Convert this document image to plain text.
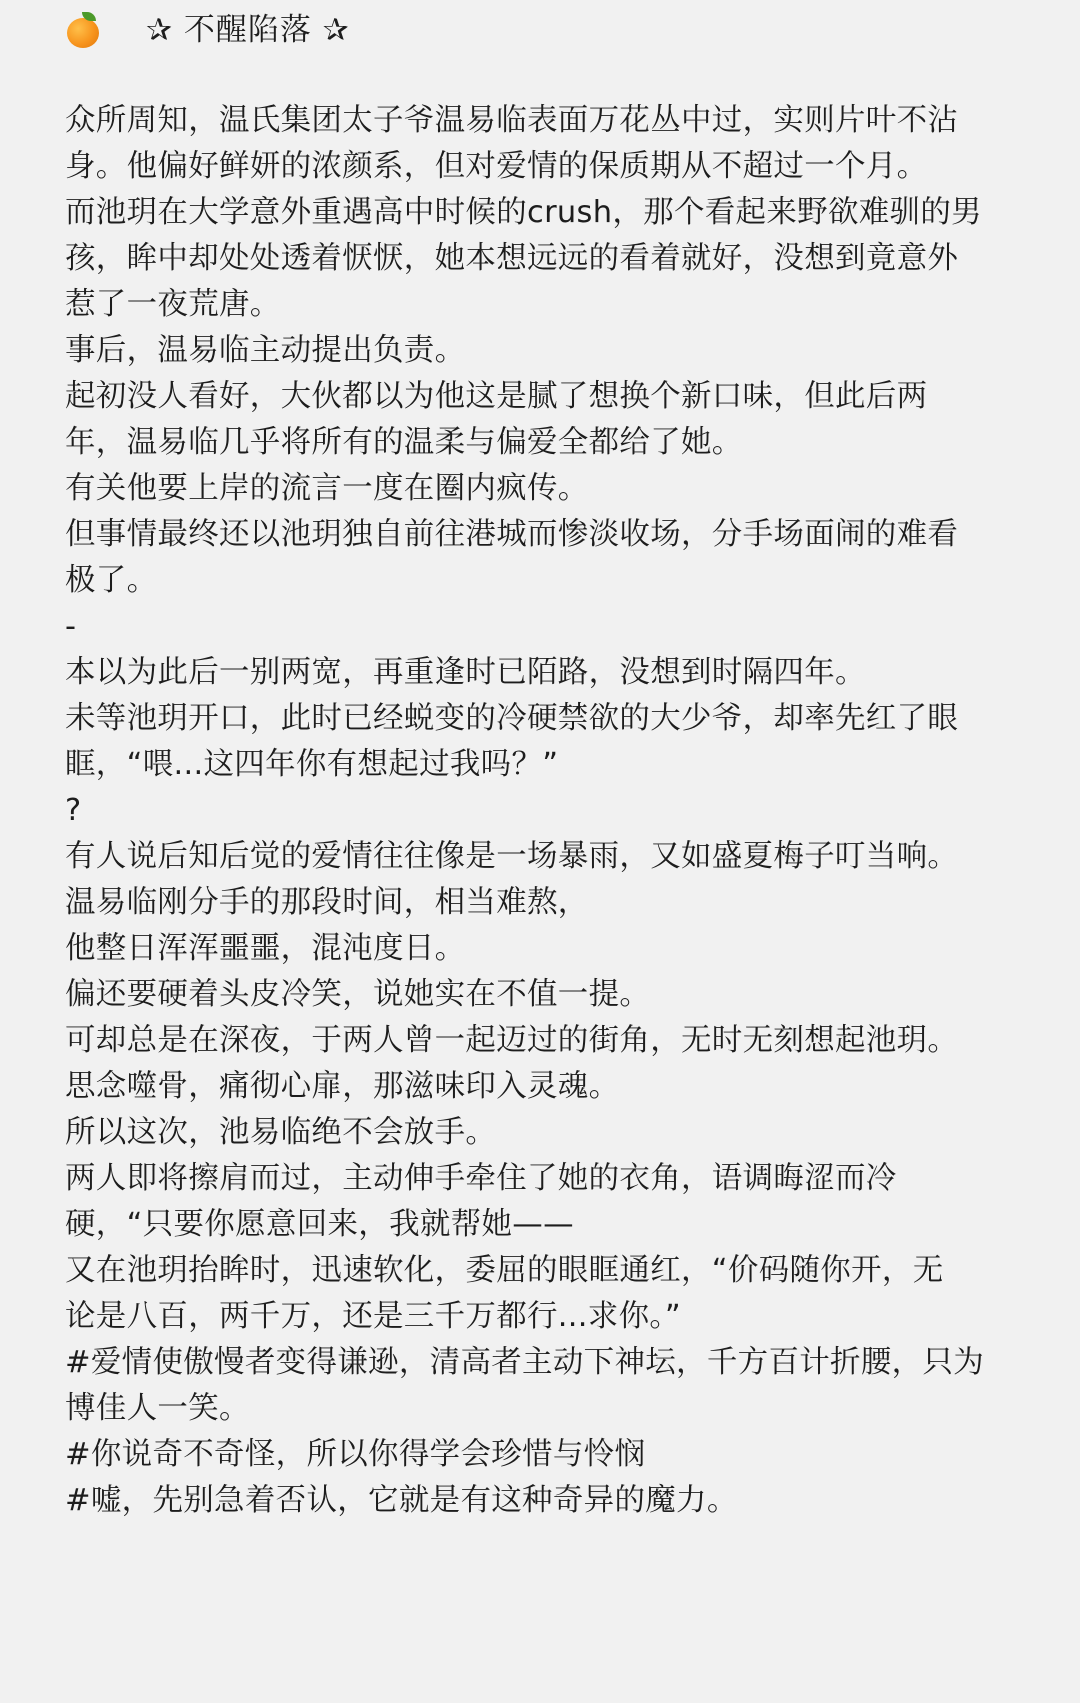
✰ 不醒陷落 ✰
众所周知，温氏集团太子爷温易临表面万花丛中过，实则片叶不沾
身。他偏好鲜妍的浓颜系，但对爱情的保质期从不超过一个月。
而池玥在大学意外重遇高中时候的crush，那个看起来野欲难驯的男
孩，眸中却处处透着恹恹，她本想远远的看着就好，没想到竟意外
惹了一夜荒唐。
事后，温易临主动提出负责。
起初没人看好，大伙都以为他这是腻了想换个新口味，但此后两
年，温易临几乎将所有的温柔与偏爱全都给了她。
有关他要上岸的流言一度在圈内疯传。
但事情最终还以池玥独自前往港城而惨淡收场，分手场面闹的难看
极了。
-
本以为此后一别两宽，再重逢时已陌路，没想到时隔四年。
未等池玥开口，此时已经蜕变的冷硬禁欲的大少爷，却率先红了眼
眶，“喂...这四年你有想起过我吗？”
?
有人说后知后觉的爱情往往像是一场暴雨，又如盛夏梅子叮当响。
温易临刚分手的那段时间，相当难熬，
他整日浑浑噩噩，混沌度日。
偏还要硬着头皮冷笑，说她实在不值一提。
可却总是在深夜，于两人曾一起迈过的街角，无时无刻想起池玥。
思念噬骨，痛彻心扉，那滋味印入灵魂。
所以这次，池易临绝不会放手。
两人即将擦肩而过，主动伸手牵住了她的衣角，语调晦涩而冷
硬，“只要你愿意回来，我就帮她——
又在池玥抬眸时，迅速软化，委屈的眼眶通红，“价码随你开，无
论是八百，两千万，还是三千万都行...求你。”
#爱情使傲慢者变得谦逊，清高者主动下神坛，千方百计折腰，只为
博佳人一笑。
#你说奇不奇怪，所以你得学会珍惜与怜悯
#嘘，先别急着否认，它就是有这种奇异的魔力。
